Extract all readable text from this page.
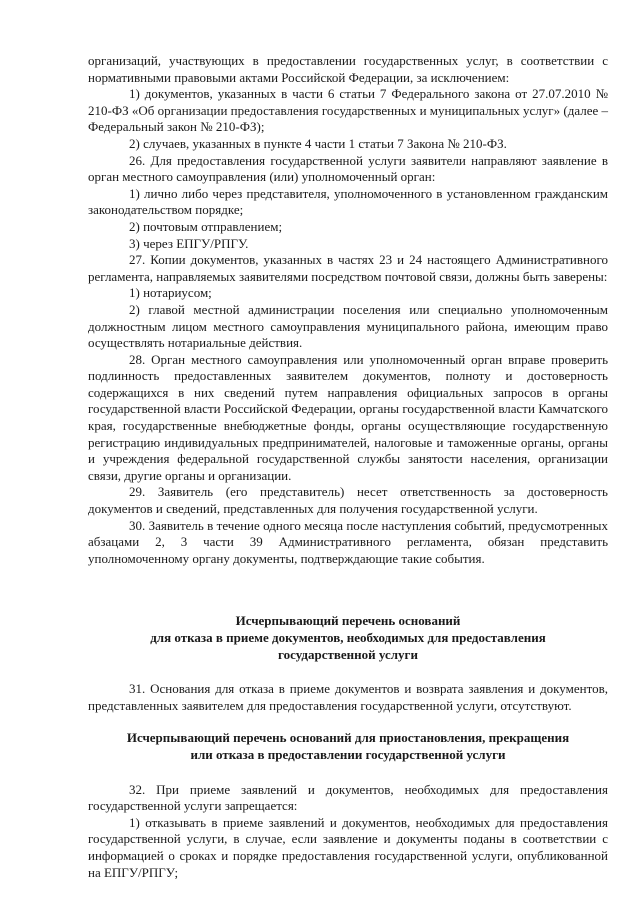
организаций, участвующих в предоставлении государственных услуг, в соответствии с нормативными правовыми актами Российской Федерации, за исключением:

1) документов, указанных в части 6 статьи 7 Федерального закона от 27.07.2010 № 210-ФЗ «Об организации предоставления государственных и муниципальных услуг» (далее – Федеральный закон № 210-ФЗ);

2) случаев, указанных в пункте 4 части 1 статьи 7 Закона № 210-ФЗ.

26. Для предоставления государственной услуги заявители направляют заявление в орган местного самоуправления (или) уполномоченный орган:

1) лично либо через представителя, уполномоченного в установленном гражданским законодательством порядке;

2) почтовым отправлением;

3) через ЕПГУ/РПГУ.

27. Копии документов, указанных в частях 23 и 24 настоящего Административного регламента, направляемых заявителями посредством почтовой связи, должны быть заверены:

1) нотариусом;

2) главой местной администрации поселения или специально уполномоченным должностным лицом местного самоуправления муниципального района, имеющим право осуществлять нотариальные действия.

28. Орган местного самоуправления или уполномоченный орган вправе проверить подлинность предоставленных заявителем документов, полноту и достоверность содержащихся в них сведений путем направления официальных запросов в органы государственной власти Российской Федерации, органы государственной власти Камчатского края, государственные внебюджетные фонды, органы осуществляющие государственную регистрацию индивидуальных предпринимателей, налоговые и таможенные органы, органы и учреждения федеральной государственной службы занятости населения, организации связи, другие органы и организации.

29. Заявитель (его представитель) несет ответственность за достоверность документов и сведений, представленных для получения государственной услуги.

30. Заявитель в течение одного месяца после наступления событий, предусмотренных абзацами 2, 3 части 39 Административного регламента, обязан представить уполномоченному органу документы, подтверждающие такие события.

Исчерпывающий перечень оснований
для отказа в приеме документов, необходимых для предоставления
государственной услуги

31. Основания для отказа в приеме документов и возврата заявления и документов, представленных заявителем для предоставления государственной услуги, отсутствуют.

Исчерпывающий перечень оснований для приостановления, прекращения
или отказа в предоставлении государственной услуги

32. При приеме заявлений и документов, необходимых для предоставления государственной услуги запрещается:

1) отказывать в приеме заявлений и документов, необходимых для предоставления государственной услуги, в случае, если заявление и документы поданы в соответствии с информацией о сроках и порядке предоставления государственной услуги, опубликованной на ЕПГУ/РПГУ;
